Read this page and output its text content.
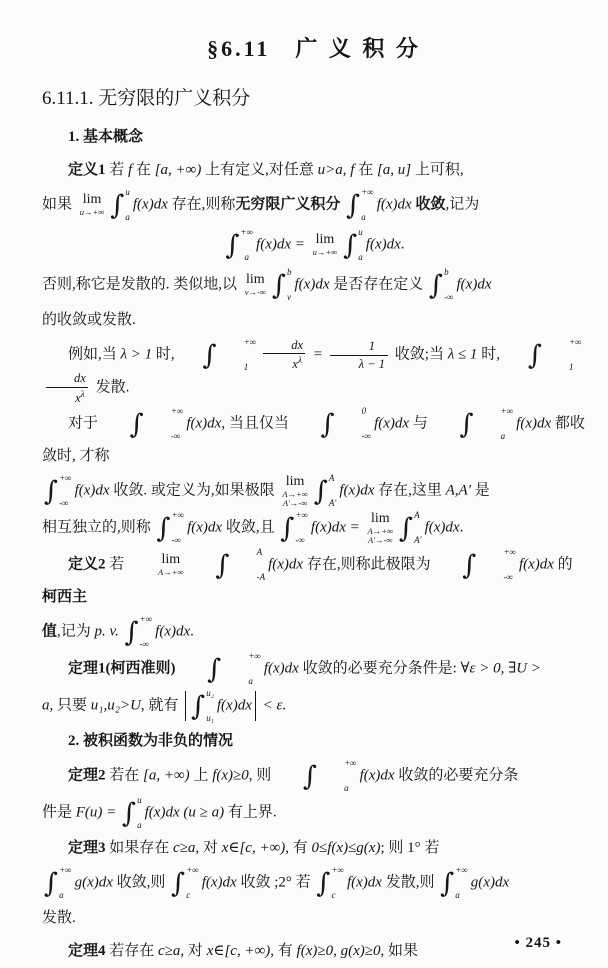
§6.11　广 义 积 分
6.11.1. 无穷限的广义积分
1. 基本概念
定义1 若 f 在 [a, +∞) 上有定义,对任意 u>a, f 在 [a, u] 上可积,
如果 lim
u→+∞ ∫ u
a
f(x)dx 存在,则称无穷限广义积分 ∫ +∞
a
f(x)dx 收敛,记为
∫ +∞
a
f(x)dx = lim
u→+∞ ∫ u
a
f(x)dx.
否则,称它是发散的. 类似地,以 lim
v→-∞ ∫ b
v
f(x)dx 是否存在定义 ∫ b
-∞
f(x)dx
的收敛或发散.
例如,当 λ > 1 时,	∫	+∞
1	$\frac{dx}{x^\lambda} = \frac{1}{\lambda - 1}$ 收敛;当 λ ≤ 1 时,	∫	+∞
1
$\frac{dx}{x^\lambda}$ 发散.
对于	∫	+∞
-∞
f(x)dx, 当且仅当	∫	0
-∞
f(x)dx 与	∫	+∞
a
f(x)dx 都收敛时, 才称
∫ +∞
-∞
f(x)dx 收敛. 或定义为,如果极限
lim
A→+∞
A′→-∞ ∫ A
A′
f(x)dx 存在,这里 A,A′ 是
相互独立的,则称 ∫ +∞
-∞
f(x)dx 收敛,且 ∫ +∞
-∞
f(x)dx =
lim
A→+∞
A′→-∞ ∫ A
A′
f(x)dx.
定义2 若	lim
A→+∞	∫	A
-A
f(x)dx 存在,则称此极限为	∫	+∞
-∞
f(x)dx 的柯西主
值,记为 p. v. ∫ +∞
-∞
f(x)dx.
定理1(柯西准则)	∫	+∞
a
f(x)dx 收敛的必要充分条件是: ∀ε > 0, ∃U >
a, 只要 u₁,u₂>U, 就有 ∫ u₂
u₁
f(x)dx < ε.
2. 被积函数为非负的情况
定理2 若在 [a, +∞) 上 f(x)≥0, 则	∫	+∞
a
f(x)dx 收敛的必要充分条
件是 F(u) = ∫ u
a
f(x)dx (u ≥ a) 有上界.
定理3 如果存在 c≥a, 对 x∈[c, +∞), 有 0≤f(x)≤g(x); 则 1° 若
∫ +∞
a
g(x)dx 收敛,则 ∫ +∞
c
f(x)dx 收敛 ;2° 若 ∫ +∞
c
f(x)dx 发散,则 ∫ +∞
a
g(x)dx
发散.
定理4 若存在 c≥a, 对 x∈[c, +∞), 有 f(x)≥0, g(x)≥0, 如果
• 245 •
